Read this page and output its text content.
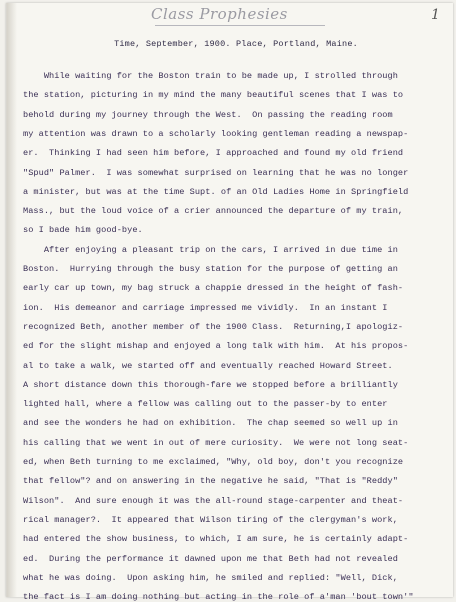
Class Prophesies	1
Time, September, 1900. Place, Portland, Maine.
While waiting for the Boston train to be made up, I strolled through
the station, picturing in my mind the many beautiful scenes that I was to
behold during my journey through the West.  On passing the reading room
my attention was drawn to a scholarly looking gentleman reading a newspap-
er.  Thinking I had seen him before, I approached and found my old friend
"Spud" Palmer.  I was somewhat surprised on learning that he was no longer
a minister, but was at the time Supt. of an Old Ladies Home in Springfield
Mass., but the loud voice of a crier announced the departure of my train,
so I bade him good-bye.
After enjoying a pleasant trip on the cars, I arrived in due time in
Boston.  Hurrying through the busy station for the purpose of getting an
early car up town, my bag struck a chappie dressed in the height of fash-
ion.  His demeanor and carriage impressed me vividly.  In an instant I
recognized Beth, another member of the 1900 Class.  Returning,I apologiz-
ed for the slight mishap and enjoyed a long talk with him.  At his propos-
al to take a walk, we started off and eventually reached Howard Street.
A short distance down this thorough-fare we stopped before a brilliantly
lighted hall, where a fellow was calling out to the passer-by to enter
and see the wonders he had on exhibition.  The chap seemed so well up in
his calling that we went in out of mere curiosity.  We were not long seat-
ed, when Beth turning to me exclaimed, "Why, old boy, don't you recognize
that fellow"? and on answering in the negative he said, "That is "Reddy"
Wilson".  And sure enough it was the all-round stage-carpenter and theat-
rical manager?.  It appeared that Wilson tiring of the clergyman's work,
had entered the show business, to which, I am sure, he is certainly adapt-
ed.  During the performance it dawned upon me that Beth had not revealed
what he was doing.  Upon asking him, he smiled and replied: "Well, Dick,
the fact is I am doing nothing but acting in the role of a'man 'bout town'"
